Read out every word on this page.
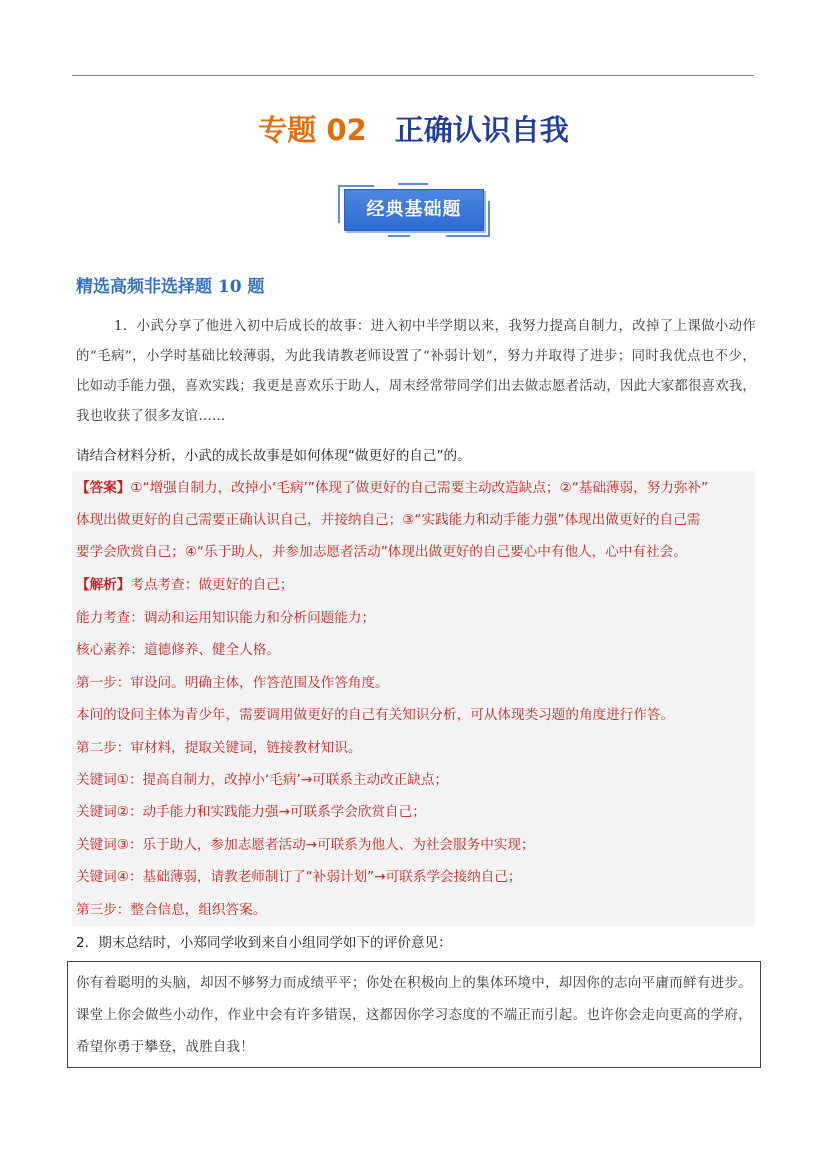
专题 02 正确认识自我
经典基础题
精选高频非选择题 10 题
1．小武分享了他进入初中后成长的故事：进入初中半学期以来，我努力提高自制力，改掉了上课做小动作的“毛病”，小学时基础比较薄弱，为此我请教老师设置了“补弱计划”，努力并取得了进步；同时我优点也不少，比如动手能力强，喜欢实践；我更是喜欢乐于助人，周末经常带同学们出去做志愿者活动，因此大家都很喜欢我，我也收获了很多友谊……
请结合材料分析，小武的成长故事是如何体现“做更好的自己”的。
【答案】①“增强自制力，改掉小‘毛病’”体现了做更好的自己需要主动改造缺点；②“基础薄弱，努力弥补”
体现出做更好的自己需要正确认识自己，并接纳自己；③“实践能力和动手能力强”体现出做更好的自己需
要学会欣赏自己；④“乐于助人，并参加志愿者活动”体现出做更好的自己要心中有他人，心中有社会。
【解析】考点考查：做更好的自己；
能力考查：调动和运用知识能力和分析问题能力；
核心素养：道德修养、健全人格。
第一步：审设问。明确主体，作答范围及作答角度。
本问的设问主体为青少年，需要调用做更好的自己有关知识分析，可从体现类习题的角度进行作答。
第二步：审材料，提取关键词，链接教材知识。
关键词①：提高自制力，改掉小‘毛病’→可联系主动改正缺点；
关键词②：动手能力和实践能力强→可联系学会欣赏自己；
关键词③：乐于助人，参加志愿者活动→可联系为他人、为社会服务中实现；
关键词④：基础薄弱，请教老师制订了“补弱计划”→可联系学会接纳自己；
第三步：整合信息，组织答案。
2．期末总结时，小郑同学收到来自小组同学如下的评价意见：
你有着聪明的头脑，却因不够努力而成绩平平；你处在积极向上的集体环境中，却因你的志向平庸而鲜有进步。课堂上你会做些小动作，作业中会有许多错误，这都因你学习态度的不端正而引起。也许你会走向更高的学府，希望你勇于攀登，战胜自我！
